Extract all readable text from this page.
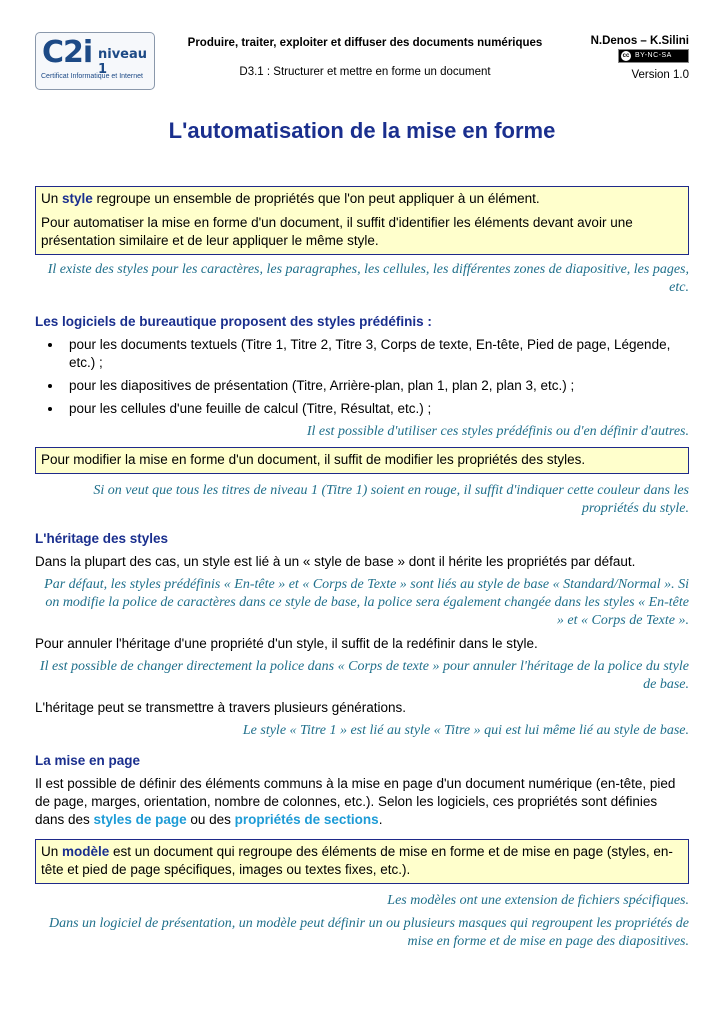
C2i niveau 1
Certificat Informatique et Internet
Produire, traiter, exploiter et diffuser des documents numériques
D3.1 : Structurer et mettre en forme un document
N.Denos – K.Silini
cc BY-NC-SA
Version 1.0
L'automatisation de la mise en forme

Un style regroupe un ensemble de propriétés que l'on peut appliquer à un élément.

Pour automatiser la mise en forme d'un document, il suffit d'identifier les éléments devant avoir une présentation similaire et de leur appliquer le même style.

Il existe des styles pour les caractères, les paragraphes, les cellules, les différentes zones de diapositive, les pages, etc.
Les logiciels de bureautique proposent des styles prédéfinis :
• pour les documents textuels (Titre 1, Titre 2, Titre 3, Corps de texte, En-tête, Pied de page, Légende, etc.) ;
• pour les diapositives de présentation (Titre, Arrière-plan, plan 1, plan 2, plan 3, etc.) ;
• pour les cellules d'une feuille de calcul (Titre, Résultat, etc.) ;
Il est possible d'utiliser ces styles prédéfinis ou d'en définir d'autres.

Pour modifier la mise en forme d'un document, il suffit de modifier les propriétés des styles.

Si on veut que tous les titres de niveau 1 (Titre 1) soient en rouge, il suffit d'indiquer cette couleur dans les propriétés du style.
L'héritage des styles

Dans la plupart des cas, un style est lié à un « style de base » dont il hérite les propriétés par défaut.

Par défaut, les styles prédéfinis « En-tête » et « Corps de Texte » sont liés au style de base « Standard/Normal ». Si on modifie la police de caractères dans ce style de base, la police sera également changée dans les styles « En-tête » et « Corps de Texte ».

Pour annuler l'héritage d'une propriété d'un style, il suffit de la redéfinir dans le style.

Il est possible de changer directement la police dans « Corps de texte » pour annuler l'héritage de la police du style de base.

L'héritage peut se transmettre à travers plusieurs générations.

Le style « Titre 1 » est lié au style « Titre » qui est lui même lié au style de base.
La mise en page

Il est possible de définir des éléments communs à la mise en page d'un document numérique (en-tête, pied de page, marges, orientation, nombre de colonnes, etc.). Selon les logiciels, ces propriétés sont définies dans des styles de page ou des propriétés de sections.

Un modèle est un document qui regroupe des éléments de mise en forme et de mise en page (styles, en-tête et pied de page spécifiques, images ou textes fixes, etc.).

Les modèles ont une extension de fichiers spécifiques.
Dans un logiciel de présentation, un modèle peut définir un ou plusieurs masques qui regroupent les propriétés de mise en forme et de mise en page des diapositives.
